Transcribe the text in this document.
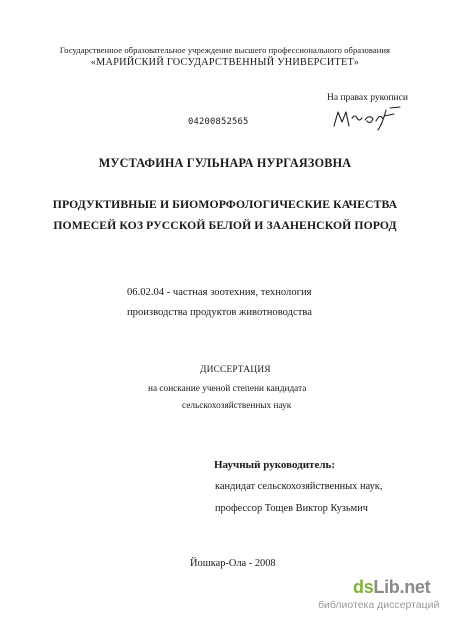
Государственное образовательное учреждение высшего профессионального образования
«МАРИЙСКИЙ ГОСУДАРСТВЕННЫЙ УНИВЕРСИТЕТ»
На правах рукописи
04200852565
МУСТАФИНА ГУЛЬНАРА НУРГАЯЗОВНА
ПРОДУКТИВНЫЕ И БИОМОРФОЛОГИЧЕСКИЕ КАЧЕСТВА
ПОМЕСЕЙ КОЗ РУССКОЙ БЕЛОЙ И ЗААНЕНСКОЙ ПОРОД
06.02.04 - частная зоотехния, технология
производства продуктов животноводства
ДИССЕРТАЦИЯ
на соискание ученой степени кандидата
сельскохозяйственных наук
Научный руководитель:
кандидат сельскохозяйственных наук,
профессор Тощев Виктор Кузьмич
Йошкар-Ола - 2008
dsLib.net
библиотека диссертаций
